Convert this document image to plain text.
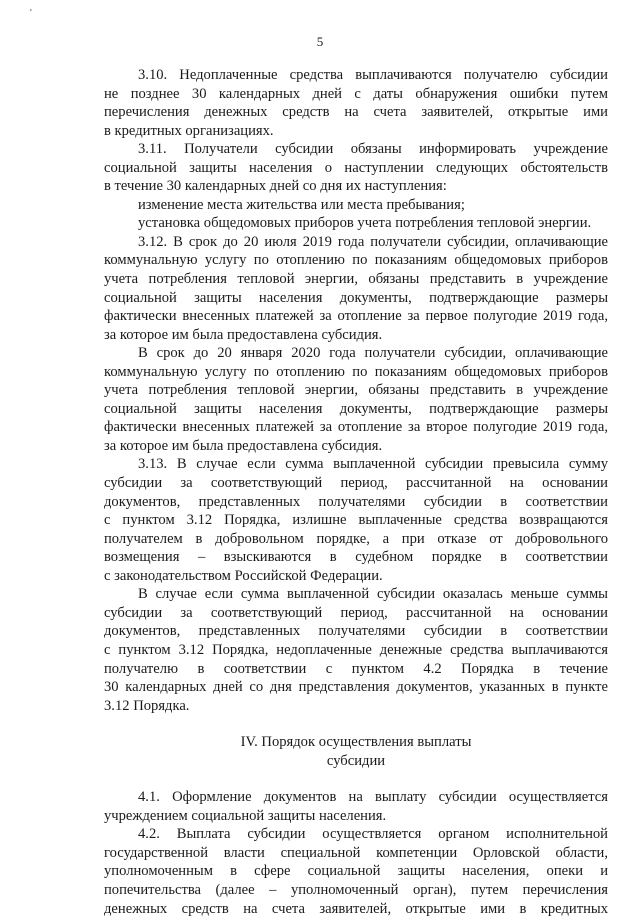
'
5

3.10. Недоплаченные средства выплачиваются получателю субсидии

не позднее 30 календарных дней с даты обнаружения ошибки путем

перечисления денежных средств на счета заявителей, открытые ими

в кредитных организациях.

3.11. Получатели субсидии обязаны информировать учреждение

социальной защиты населения о наступлении следующих обстоятельств

в течение 30 календарных дней со дня их наступления:

изменение места жительства или места пребывания;

установка общедомовых приборов учета потребления тепловой энергии.

3.12. В срок до 20 июля 2019 года получатели субсидии, оплачивающие

коммунальную услугу по отоплению по показаниям общедомовых приборов

учета потребления тепловой энергии, обязаны представить в учреждение

социальной защиты населения документы, подтверждающие размеры

фактически внесенных платежей за отопление за первое полугодие 2019 года,

за которое им была предоставлена субсидия.

В срок до 20 января 2020 года получатели субсидии, оплачивающие

коммунальную услугу по отоплению по показаниям общедомовых приборов

учета потребления тепловой энергии, обязаны представить в учреждение

социальной защиты населения документы, подтверждающие размеры

фактически внесенных платежей за отопление за второе полугодие 2019 года,

за которое им была предоставлена субсидия.

3.13. В случае если сумма выплаченной субсидии превысила сумму

субсидии за соответствующий период, рассчитанной на основании

документов, представленных получателями субсидии в соответствии

с пунктом 3.12 Порядка, излишне выплаченные средства возвращаются

получателем в добровольном порядке, а при отказе от добровольного

возмещения – взыскиваются в судебном порядке в соответствии

с законодательством Российской Федерации.

В случае если сумма выплаченной субсидии оказалась меньше суммы

субсидии за соответствующий период, рассчитанной на основании

документов, представленных получателями субсидии в соответствии

с пунктом 3.12 Порядка, недоплаченные денежные средства выплачиваются

получателю в соответствии с пунктом 4.2 Порядка в течение

30 календарных дней со дня представления документов, указанных в пункте

3.12 Порядка.

IV. Порядок осуществления выплаты

субсидии

4.1. Оформление документов на выплату субсидии осуществляется

учреждением социальной защиты населения.

4.2. Выплата субсидии осуществляется органом исполнительной

государственной власти специальной компетенции Орловской области,

уполномоченным в сфере социальной защиты населения, опеки и

попечительства (далее – уполномоченный орган), путем перечисления

денежных средств на счета заявителей, открытые ими в кредитных
